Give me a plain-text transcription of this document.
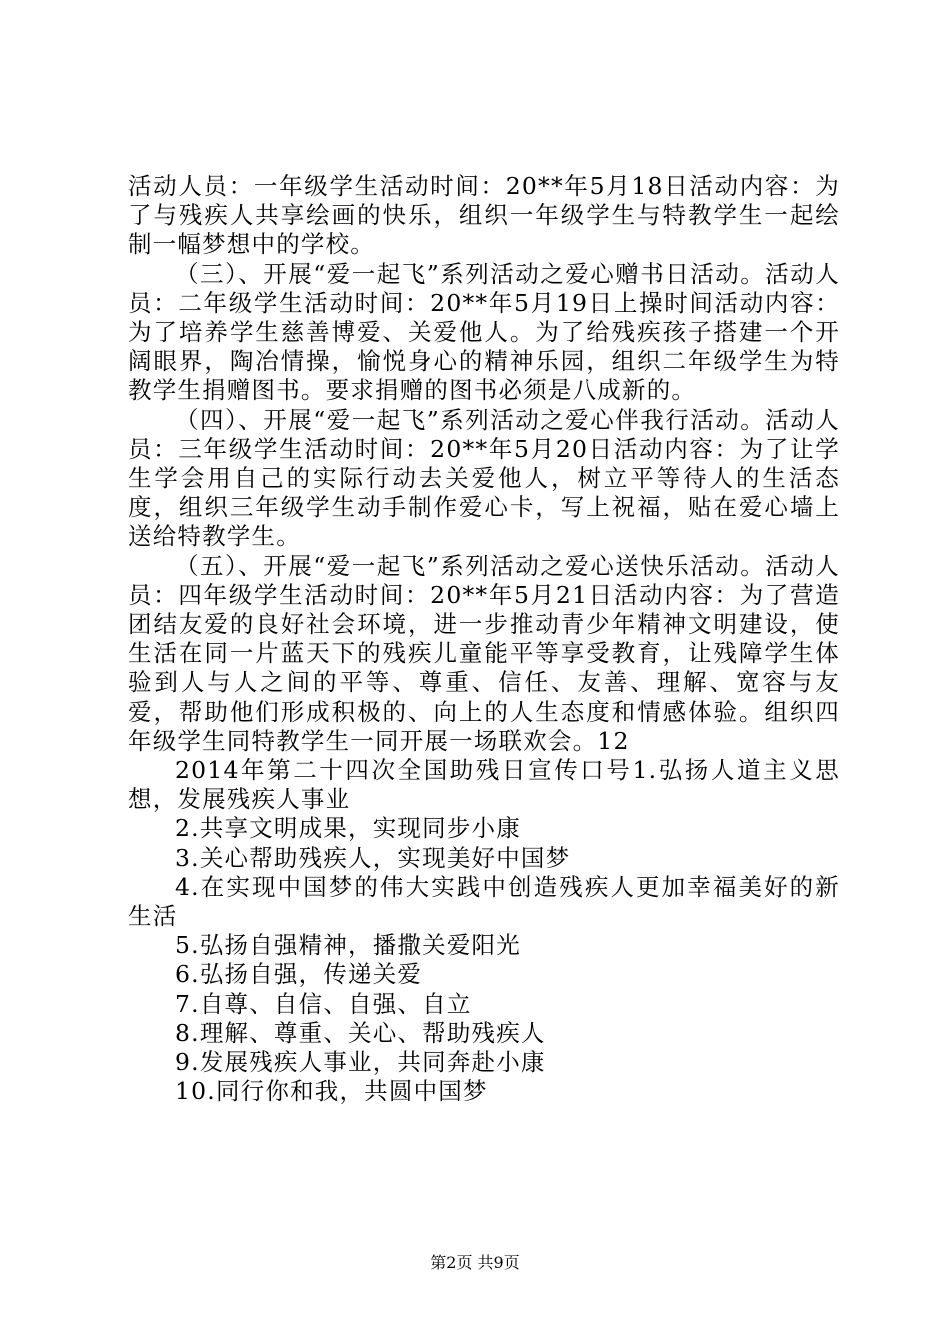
活动人员：一年级学生活动时间：20**年5月18日活动内容：为了与残疾人共享绘画的快乐，组织一年级学生与特教学生一起绘制一幅梦想中的学校。

（三）、开展“爱一起飞”系列活动之爱心赠书日活动。活动人员：二年级学生活动时间：20**年5月19日上操时间活动内容：为了培养学生慈善博爱、关爱他人。为了给残疾孩子搭建一个开阔眼界，陶冶情操，愉悦身心的精神乐园，组织二年级学生为特教学生捐赠图书。要求捐赠的图书必须是八成新的。

（四）、开展“爱一起飞”系列活动之爱心伴我行活动。活动人员：三年级学生活动时间：20**年5月20日活动内容：为了让学生学会用自己的实际行动去关爱他人，树立平等待人的生活态度，组织三年级学生动手制作爱心卡，写上祝福，贴在爱心墙上送给特教学生。

（五）、开展“爱一起飞”系列活动之爱心送快乐活动。活动人员：四年级学生活动时间：20**年5月21日活动内容：为了营造团结友爱的良好社会环境，进一步推动青少年精神文明建设，使生活在同一片蓝天下的残疾儿童能平等享受教育，让残障学生体验到人与人之间的平等、尊重、信任、友善、理解、宽容与友爱，帮助他们形成积极的、向上的人生态度和情感体验。组织四年级学生同特教学生一同开展一场联欢会。12

2014年第二十四次全国助残日宣传口号1.弘扬人道主义思想，发展残疾人事业

2.共享文明成果，实现同步小康

3.关心帮助残疾人，实现美好中国梦

4.在实现中国梦的伟大实践中创造残疾人更加幸福美好的新生活

5.弘扬自强精神，播撒关爱阳光

6.弘扬自强，传递关爱

7.自尊、自信、自强、自立

8.理解、尊重、关心、帮助残疾人

9.发展残疾人事业，共同奔赴小康

10.同行你和我，共圆中国梦

第2页 共9页
